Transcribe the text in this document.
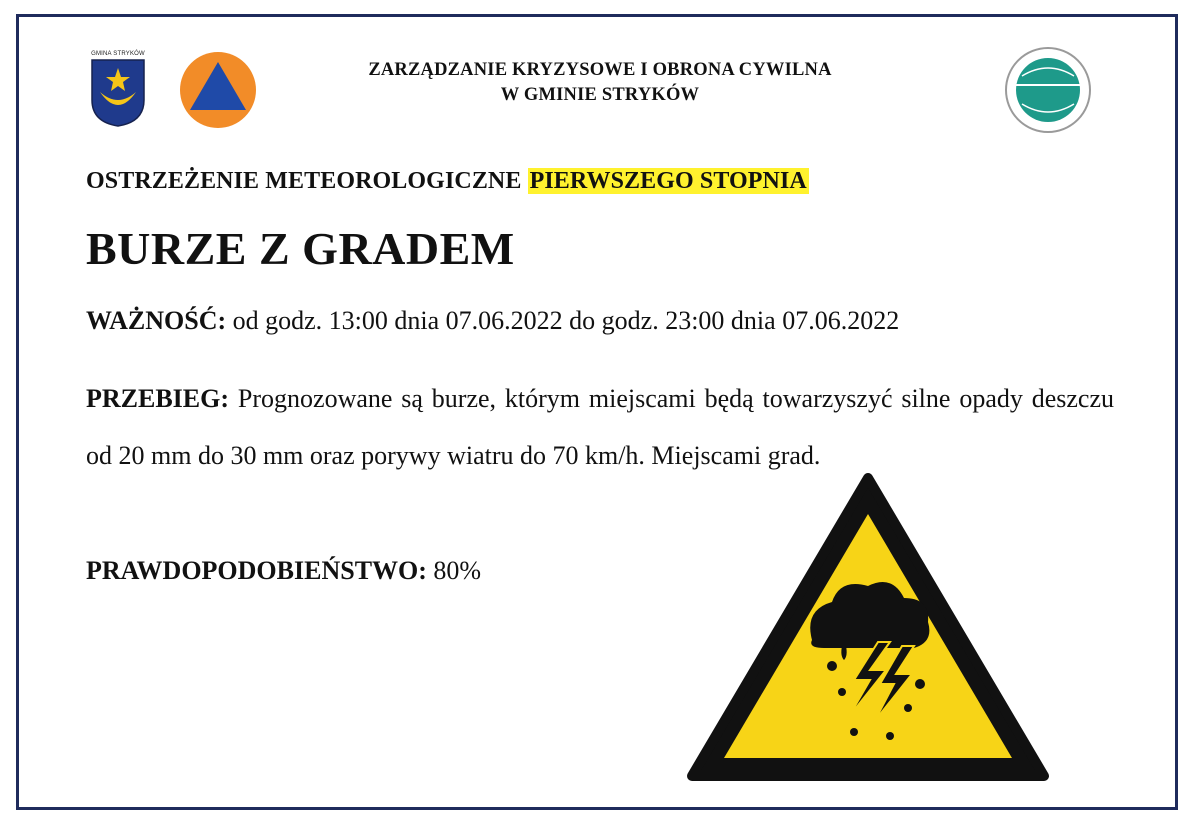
GMINA STRYKÓW
ZARZĄDZANIE KRYZYSOWE I OBRONA CYWILNA
W GMINIE STRYKÓW
OSTRZEŻENIE METEOROLOGICZNE PIERWSZEGO STOPNIA
BURZE Z GRADEM
WAŻNOŚĆ: od godz. 13:00 dnia 07.06.2022 do godz. 23:00 dnia 07.06.2022
PRZEBIEG: Prognozowane są burze, którym miejscami będą towarzyszyć silne opady deszczu od 20 mm do 30 mm oraz porywy wiatru do 70 km/h. Miejscami grad.
PRAWDOPODOBIEŃSTWO: 80%
